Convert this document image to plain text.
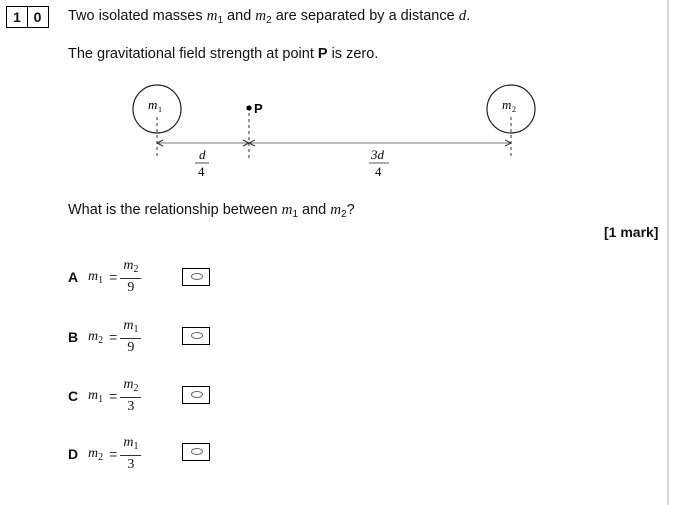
1 0	Two isolated masses $m_1$ and $m_2$ are separated by a distance d.
The gravitational field strength at point P is zero.
m 1	m 2
P
d
4
3d
4
What is the relationship between $m_1$ and $m_2$?
[1 mark]
A $m_1 = \frac{m_2}{9}$
B $m_2 = \frac{m_1}{9}$
C $m_1 = \frac{m_2}{3}$
D $m_2 = \frac{m_1}{3}$
